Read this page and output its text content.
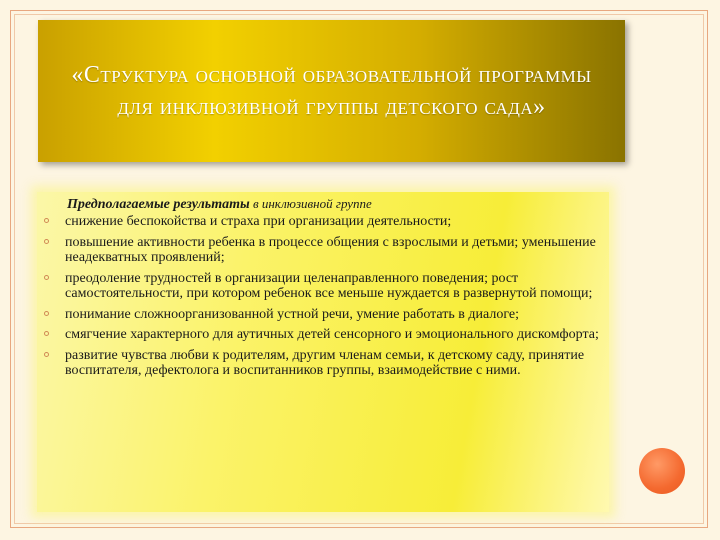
«Структура основной образовательной программы для инклюзивной группы детского сада»
Предполагаемые результаты в инклюзивной группе
снижение беспокойства и страха при организации деятельности;
повышение активности ребенка в процессе общения с взрослыми и детьми; уменьшение неадекватных проявлений;
преодоление трудностей в организации целенаправленного поведения; рост самостоятельности, при котором ребенок все меньше нуждается в развернутой помощи;
понимание сложноорганизованной устной речи, умение работать в диалоге;
смягчение характерного для аутичных детей сенсорного и эмоционального дискомфорта;
развитие чувства любви к родителям, другим членам семьи, к детскому саду, принятие воспитателя, дефектолога и воспитанников группы, взаимодействие с ними.
